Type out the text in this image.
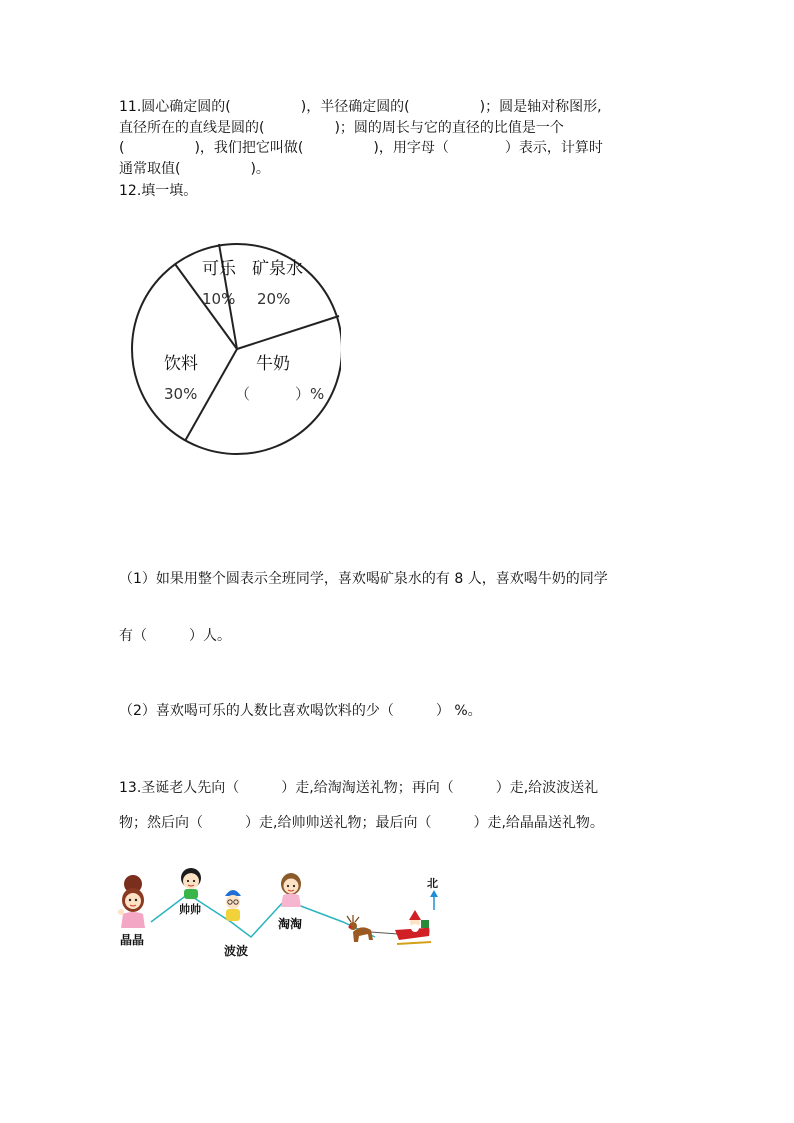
11.圆心确定圆的(　　　　　)，半径确定圆的(　　　　　)；圆是轴对称图形,

直径所在的直线是圆的(　　　　　)；圆的周长与它的直径的比值是一个

(　　　　　)，我们把它叫做(　　　　　)，用字母（　　　　）表示，计算时

通常取值(　　　　　)。

12.填一填。
可乐
10%
矿泉水
20%
饮料
30%
牛奶
（　　　）%
（1）如果用整个圆表示全班同学，喜欢喝矿泉水的有 8 人，喜欢喝牛奶的同学
有（　　　）人。
（2）喜欢喝可乐的人数比喜欢喝饮料的少（　　　） %。
13.圣诞老人先向（　　　）走,给淘淘送礼物；再向（　　　）走,给波波送礼
物；然后向（　　　）走,给帅帅送礼物；最后向（　　　）走,给晶晶送礼物。
晶晶
帅帅
波波
淘淘
北
